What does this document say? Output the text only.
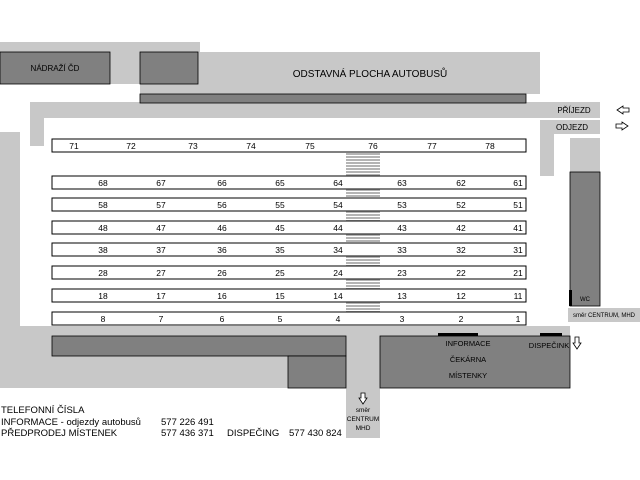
71	72	73	74	75	76	77	78
68	67	66	65	64	63	62	61
58	57	56	55	54	53	52	51
48	47	46	45	44	43	42	41
38	37	36	35	34	33	32	31
28	27	26	25	24	23	22	21
18	17	16	15	14	13	12	11
8	7	6	5	4	3	2	1
NÁDRAŽÍ ČD
ODSTAVNÁ PLOCHA AUTOBUSŮ
PŘÍJEZD
ODJEZD
WC
směr CENTRUM, MHD
INFORMACE
ČEKÁRNA
MÍSTENKY
DISPEČINK
směr
CENTRUM
MHD
TELEFONNÍ ČÍSLA
INFORMACE - odjezdy autobusů 577 226 491
PŘEDPRODEJ MÍSTENEK	577 436 371 DISPEČING 577 430 824
